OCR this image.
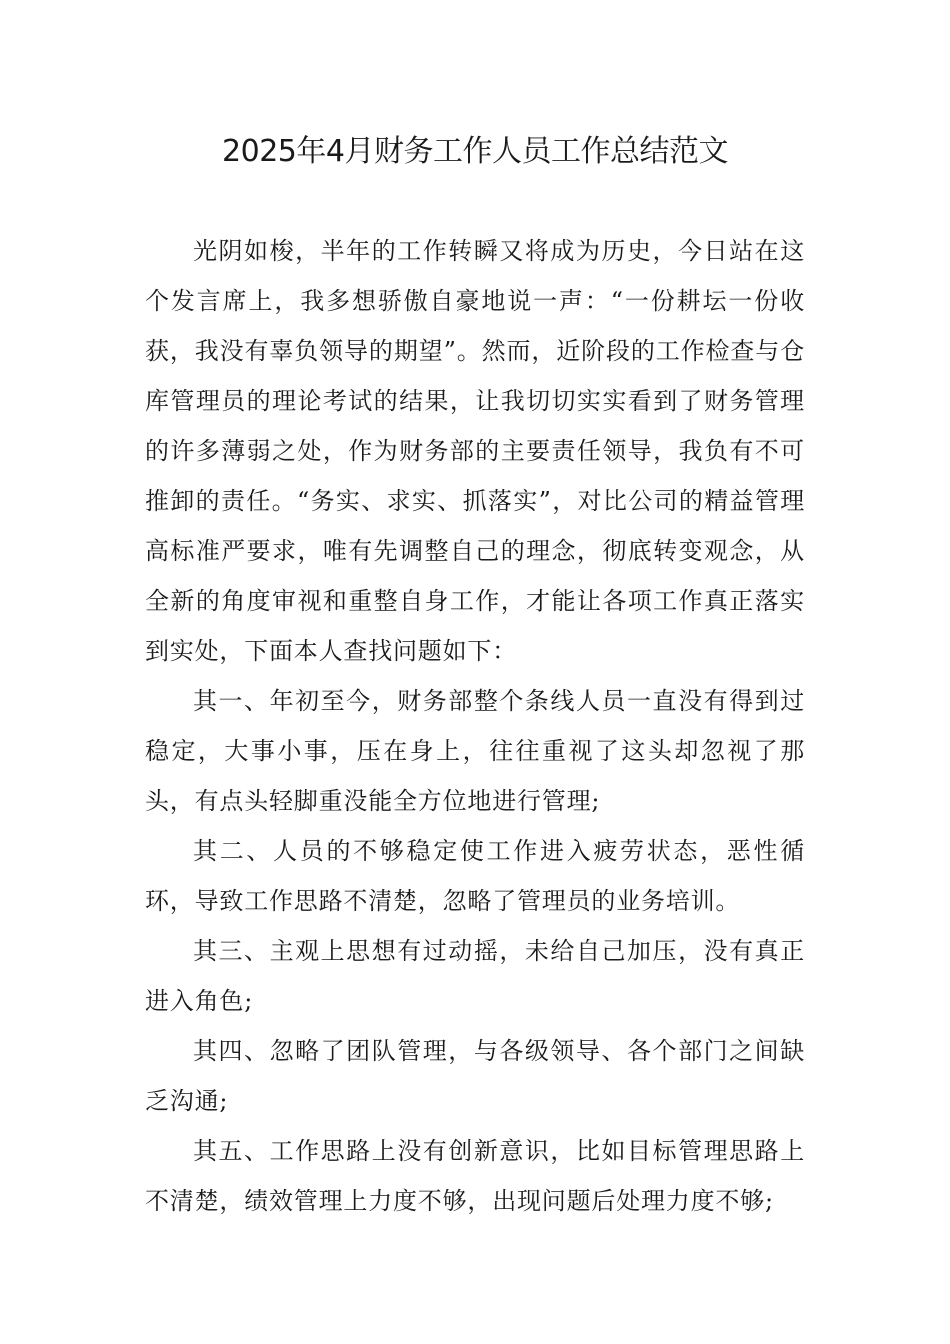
2025年4月财务工作人员工作总结范文

光阴如梭，半年的工作转瞬又将成为历史，今日站在这个发言席上，我多想骄傲自豪地说一声：“一份耕坛一份收获，我没有辜负领导的期望”。然而，近阶段的工作检查与仓库管理员的理论考试的结果，让我切切实实看到了财务管理的许多薄弱之处，作为财务部的主要责任领导，我负有不可推卸的责任。“务实、求实、抓落实”，对比公司的精益管理高标准严要求，唯有先调整自己的理念，彻底转变观念，从全新的角度审视和重整自身工作，才能让各项工作真正落实到实处，下面本人查找问题如下：

其一、年初至今，财务部整个条线人员一直没有得到过稳定，大事小事，压在身上，往往重视了这头却忽视了那头，有点头轻脚重没能全方位地进行管理;

其二、人员的不够稳定使工作进入疲劳状态，恶性循环，导致工作思路不清楚，忽略了管理员的业务培训。

其三、主观上思想有过动摇，未给自己加压，没有真正进入角色;

其四、忽略了团队管理，与各级领导、各个部门之间缺乏沟通;

其五、工作思路上没有创新意识，比如目标管理思路上不清楚，绩效管理上力度不够，出现问题后处理力度不够;
